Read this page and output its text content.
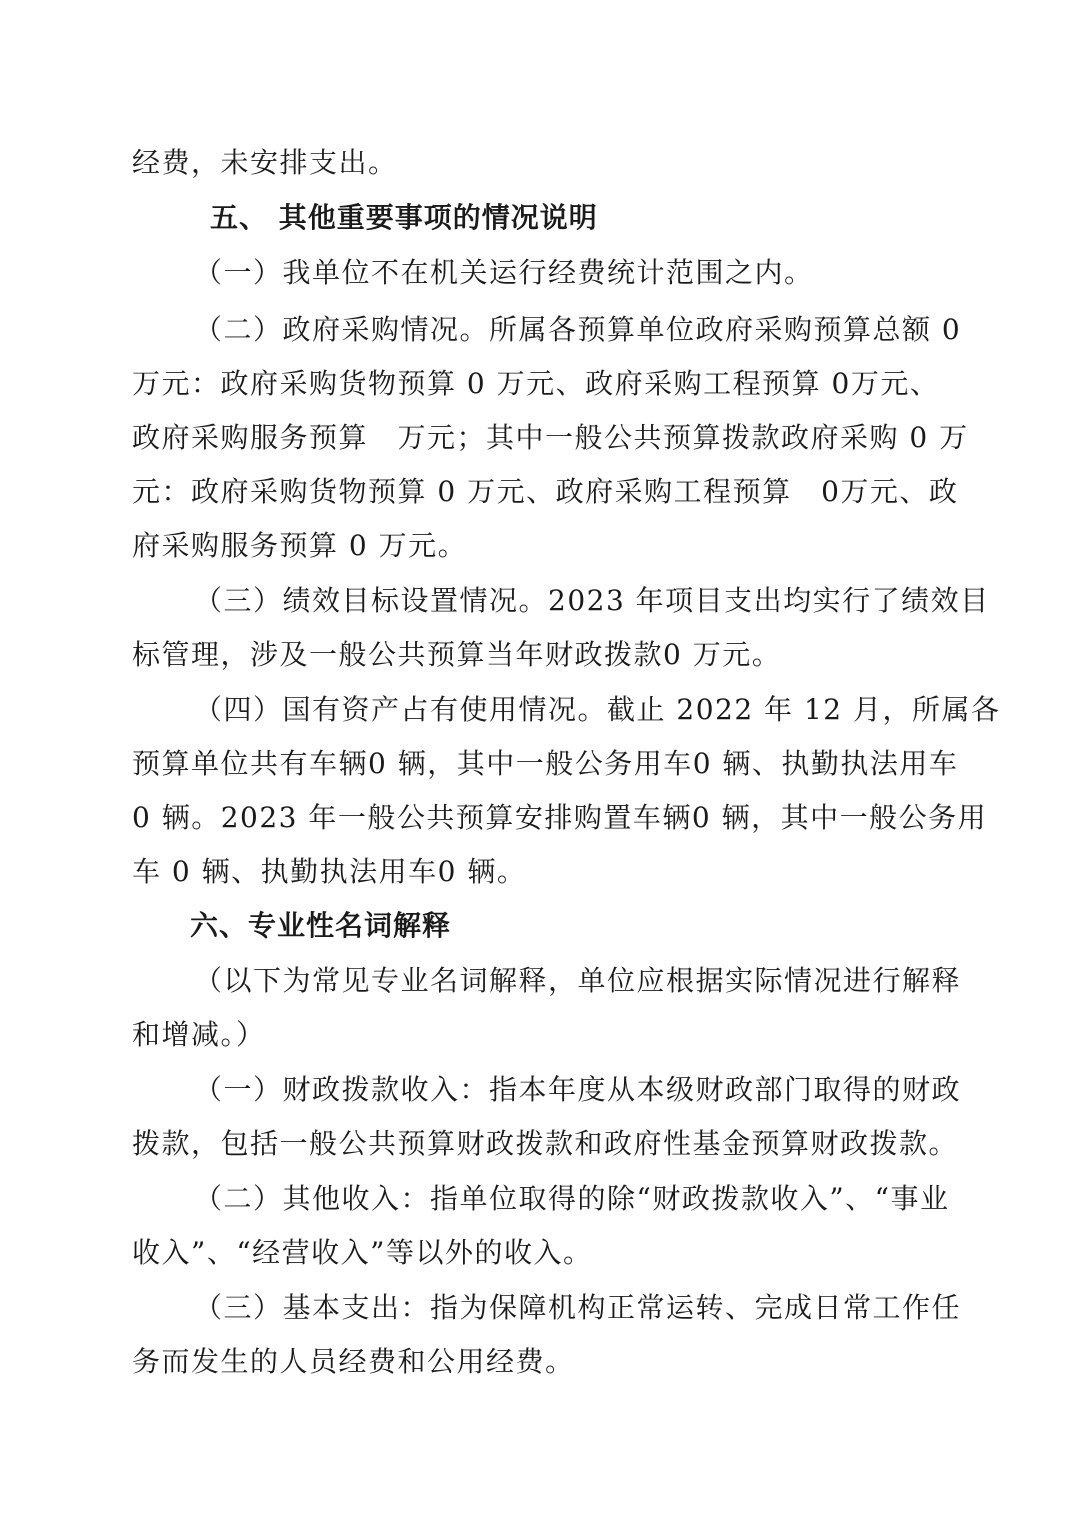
经费，未安排支出。
五、 其他重要事项的情况说明
（一）我单位不在机关运行经费统计范围之内。
（二）政府采购情况。所属各预算单位政府采购预算总额 0
万元：政府采购货物预算 0 万元、政府采购工程预算 0万元、
政府采购服务预算　万元；其中一般公共预算拨款政府采购 0 万
元：政府采购货物预算 0 万元、政府采购工程预算　0万元、政
府采购服务预算 0 万元。
（三）绩效目标设置情况。2023 年项目支出均实行了绩效目
标管理，涉及一般公共预算当年财政拨款0 万元。
（四）国有资产占有使用情况。截止 2022 年 12 月，所属各
预算单位共有车辆0 辆，其中一般公务用车0 辆、执勤执法用车
0 辆。2023 年一般公共预算安排购置车辆0 辆，其中一般公务用
车 0 辆、执勤执法用车0 辆。
六、专业性名词解释
（以下为常见专业名词解释，单位应根据实际情况进行解释
和增减。）
（一）财政拨款收入：指本年度从本级财政部门取得的财政
拨款，包括一般公共预算财政拨款和政府性基金预算财政拨款。
（二）其他收入：指单位取得的除“财政拨款收入”、“事业
收入”、“经营收入”等以外的收入。
（三）基本支出：指为保障机构正常运转、完成日常工作任
务而发生的人员经费和公用经费。
